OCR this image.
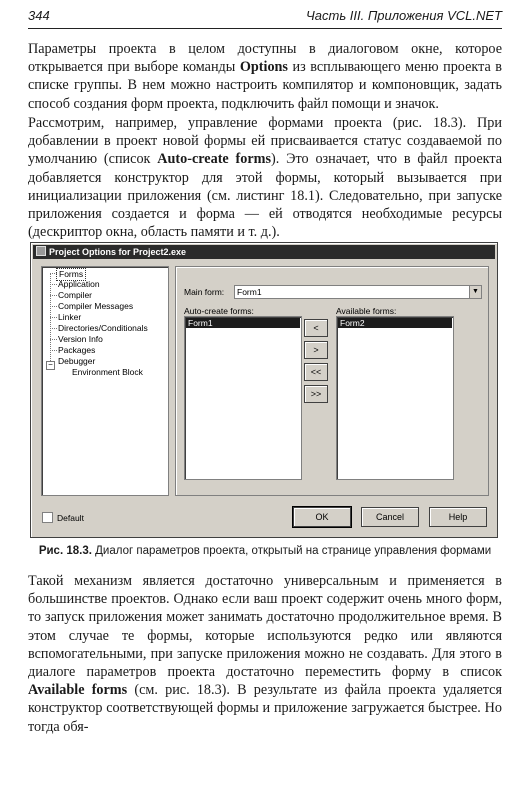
344	Часть III. Приложения VCL.NET

Параметры проекта в целом доступны в диалоговом окне, которое открывается при выборе команды Options из всплывающего меню проекта в списке группы. В нем можно настроить компилятор и компоновщик, задать способ создания форм проекта, подключить файл помощи и значок.

Рассмотрим, например, управление формами проекта (рис. 18.3). При добавлении в проект новой формы ей присваивается статус создаваемой по умолчанию (список Auto-create forms). Это означает, что в файл проекта добавляется конструктор для этой формы, который вызывается при инициализации приложения (см. листинг 18.1). Следовательно, при запуске приложения создается и форма — ей отводятся необходимые ресурсы (дескриптор окна, область памяти и т. д.).

Project Options for Project2.exe
−
Forms
Application
Compiler
Compiler Messages
Linker
Directories/Conditionals
Version Info
Packages
Debugger
Environment Block
Main form:	Form1	▼
Auto-create forms:
Form1	<
>
<<
>>
Available forms:
Form2
Default	OK	Cancel	Help
Рис. 18.3. Диалог параметров проекта, открытый на странице управления формами

Такой механизм является достаточно универсальным и применяется в большинстве проектов. Однако если ваш проект содержит очень много форм, то запуск приложения может занимать достаточно продолжительное время. В этом случае те формы, которые используются редко или являются вспомогательными, при запуске приложения можно не создавать. Для этого в диалоге параметров проекта достаточно переместить форму в список Available forms (см. рис. 18.3). В результате из файла проекта удаляется конструктор соответствующей формы и приложение загружается быстрее. Но тогда обя-
